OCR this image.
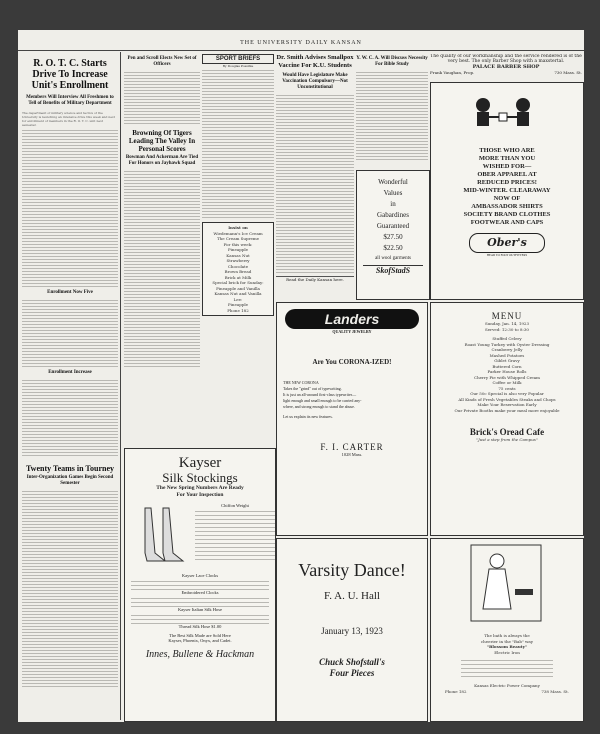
THE UNIVERSITY DAILY KANSAN
R. O. T. C. Starts Drive To Increase Unit's Enrollment
Members Will Interview All Freshmen to Tell of Benefits of Military Department

The department of military science and tactics of the University is launching an intensive drive this week and next for enrollment of members in the R. O. T. C. unit next semester.

Enrollment Now Five
Enrollment Increase
Twenty Teams in Tourney
Inter-Organization Games Begin Second Semester
Pen and Scroll Elects New Set of Officers
Browning Of Tigers Leading The Valley In Personal Scores
Bowman And Ackerman Are Tied For Honors on Jayhawk Squad
SPORT BRIEFS
By Douglas Possible
Insist on
Wiedemann's Ice Cream
The Cream Supreme
For this week:
Pineapple
Kansas Nut
Strawberry
Chocolate
Brown Bread
Brick at Milk
Special brick for Sunday:
Pineapple and Vanilla
Kansas Nut and Vanilla
Lee:
Pineapple
Phone 182
Dr. Smith Advises Smallpox Vaccine For K.U. Students
Would Have Legislature Make Vaccination Compulsory—Not Unconstitutional
Read the Daily Kansan here.
Y. W. C. A. Will Discuss Necessity For Bible Study
Wonderful
Values
in
Gabardines
Guaranteed
$27.50
$22.50
all wool garments
SkofStadS
The quality of our workmanship and the service rendered is of the very best. The only Barber Shop with a maxstertal.
PALACE BARBER SHOP
Frank Vaughan, Prop.	730 Mass. St.
THOSE WHO ARE
MORE THAN YOU
WISHED FOR—
OBER APPAREL AT
REDUCED PRICES!
MID-WINTER. CLEARAWAY
NOW OF
AMBASSADOR SHIRTS
SOCIETY BRAND CLOTHES
FOOTWEAR AND CAPS
Ober's
HEAD TO FOOT OUTFITTERS
Landers
QUALITY JEWELRY
Are You CORONA-IZED!
THE NEW CORONA
Takes the "grind" out of typewriting.
It is just an all-around first-class typewriter—
light enough and small enough to be carried any-
where, and strong enough to stand the abuse.
Let us explain its new features.
F. I. CARTER
1028 Mass.
MENU
Sunday, Jan. 14, 1923
Served: 12:30 to 8:30
Stuffed Celery
Roast Young Turkey with Oyster Dressing
Cranberry Jelly
Mashed Potatoes
Giblet Gravy
Buttered Corn
Parker House Rolls
Cherry Pie with Whipped Cream
Coffee or Milk
75 cents
Our 50c Special is also very Popular
All Kinds of Fresh Vegetables Steaks and Chops
Make Your Reservation Early
Our Private Booths make your meal more enjoyable
Brick's Oread Cafe
"Just a step from the Campus"
Kayser
Silk Stockings
The New Spring Numbers Are Ready
For Your Inspection
Chiffon Weight
Kayser Lace Clocks
Embroidered Clocks
Kayser Italian Silk Hose
Thread Silk Hose $1.00
The Best Silk Made are Sold Here
Kayser, Phoenix, Onyx, and Cadet.
Innes, Bullene & Hackman
Varsity Dance!
F. A. U. Hall
January 13, 1923
Chuck Shofstall's
Four Pieces
The bath is always the
cheerier in the "Bab" way
"Blossom Beauty"
Electric Iron
Kansas Electric Power Company
Phone 182	738 Mass. St.
